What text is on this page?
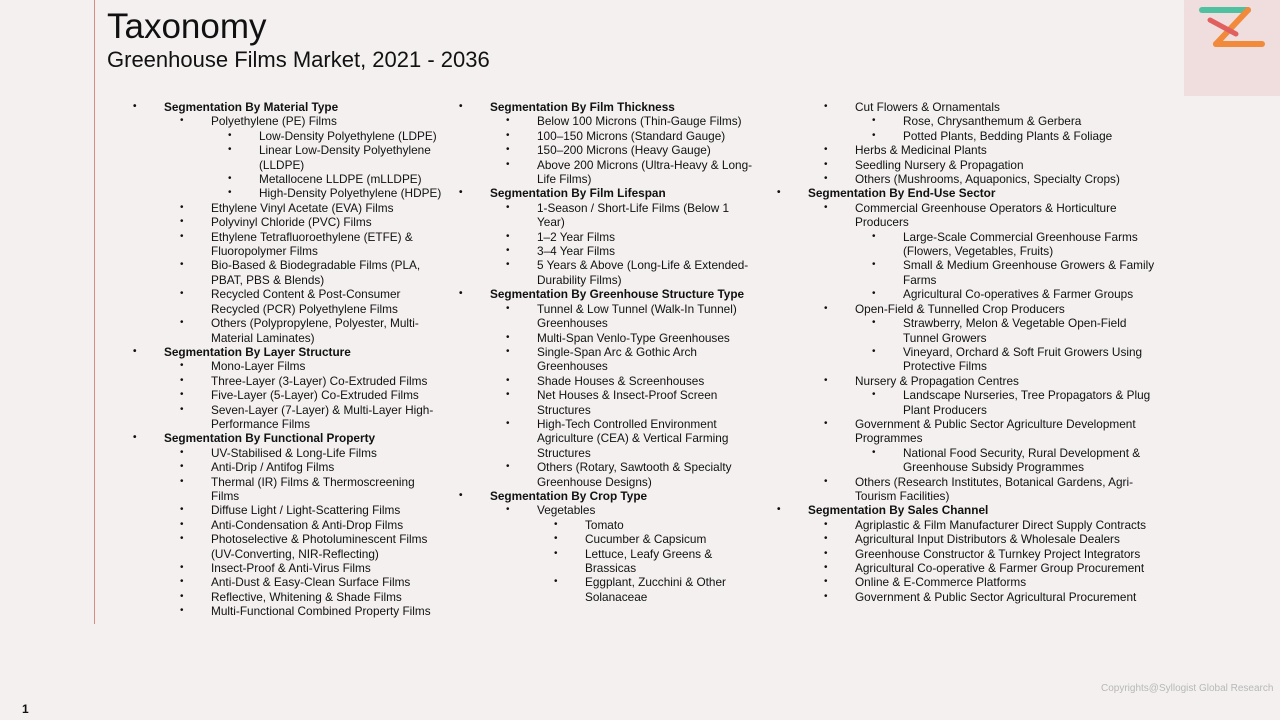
Taxonomy
Greenhouse Films Market, 2021 - 2036
• Segmentation By Material Type
• Polyethylene (PE) Films
• Low-Density Polyethylene (LDPE)
• Linear Low-Density Polyethylene (LLDPE)
• Metallocene LLDPE (mLLDPE)
• High-Density Polyethylene (HDPE)
• Ethylene Vinyl Acetate (EVA) Films
• Polyvinyl Chloride (PVC) Films
• Ethylene Tetrafluoroethylene (ETFE) & Fluoropolymer Films
• Bio-Based & Biodegradable Films (PLA, PBAT, PBS & Blends)
• Recycled Content & Post-Consumer Recycled (PCR) Polyethylene Films
• Others (Polypropylene, Polyester, Multi-Material Laminates)
• Segmentation By Layer Structure
• Mono-Layer Films
• Three-Layer (3-Layer) Co-Extruded Films
• Five-Layer (5-Layer) Co-Extruded Films
• Seven-Layer (7-Layer) & Multi-Layer High-Performance Films
• Segmentation By Functional Property
• UV-Stabilised & Long-Life Films
• Anti-Drip / Antifog Films
• Thermal (IR) Films & Thermoscreening Films
• Diffuse Light / Light-Scattering Films
• Anti-Condensation & Anti-Drop Films
• Photoselective & Photoluminescent Films (UV-Converting, NIR-Reflecting)
• Insect-Proof & Anti-Virus Films
• Anti-Dust & Easy-Clean Surface Films
• Reflective, Whitening & Shade Films
• Multi-Functional Combined Property Films
• Segmentation By Film Thickness
• Below 100 Microns (Thin-Gauge Films)
• 100–150 Microns (Standard Gauge)
• 150–200 Microns (Heavy Gauge)
• Above 200 Microns (Ultra-Heavy & Long-Life Films)
• Segmentation By Film Lifespan
• 1-Season / Short-Life Films (Below 1 Year)
• 1–2 Year Films
• 3–4 Year Films
• 5 Years & Above (Long-Life & Extended-Durability Films)
• Segmentation By Greenhouse Structure Type
• Tunnel & Low Tunnel (Walk-In Tunnel) Greenhouses
• Multi-Span Venlo-Type Greenhouses
• Single-Span Arc & Gothic Arch Greenhouses
• Shade Houses & Screenhouses
• Net Houses & Insect-Proof Screen Structures
• High-Tech Controlled Environment Agriculture (CEA) & Vertical Farming Structures
• Others (Rotary, Sawtooth & Specialty Greenhouse Designs)
• Segmentation By Crop Type
• Vegetables
• Tomato
• Cucumber & Capsicum
• Lettuce, Leafy Greens & Brassicas
• Eggplant, Zucchini & Other Solanaceae
• Cut Flowers & Ornamentals
• Rose, Chrysanthemum & Gerbera
• Potted Plants, Bedding Plants & Foliage
• Herbs & Medicinal Plants
• Seedling Nursery & Propagation
• Others (Mushrooms, Aquaponics, Specialty Crops)
• Segmentation By End-Use Sector
• Commercial Greenhouse Operators & Horticulture Producers
• Large-Scale Commercial Greenhouse Farms (Flowers, Vegetables, Fruits)
• Small & Medium Greenhouse Growers & Family Farms
• Agricultural Co-operatives & Farmer Groups
• Open-Field & Tunnelled Crop Producers
• Strawberry, Melon & Vegetable Open-Field Tunnel Growers
• Vineyard, Orchard & Soft Fruit Growers Using Protective Films
• Nursery & Propagation Centres
• Landscape Nurseries, Tree Propagators & Plug Plant Producers
• Government & Public Sector Agriculture Development Programmes
• National Food Security, Rural Development & Greenhouse Subsidy Programmes
• Others (Research Institutes, Botanical Gardens, Agri-Tourism Facilities)
• Segmentation By Sales Channel
• Agriplastic & Film Manufacturer Direct Supply Contracts
• Agricultural Input Distributors & Wholesale Dealers
• Greenhouse Constructor & Turnkey Project Integrators
• Agricultural Co-operative & Farmer Group Procurement
• Online & E-Commerce Platforms
• Government & Public Sector Agricultural Procurement
Copyrights@Syllogist Global Research
1
